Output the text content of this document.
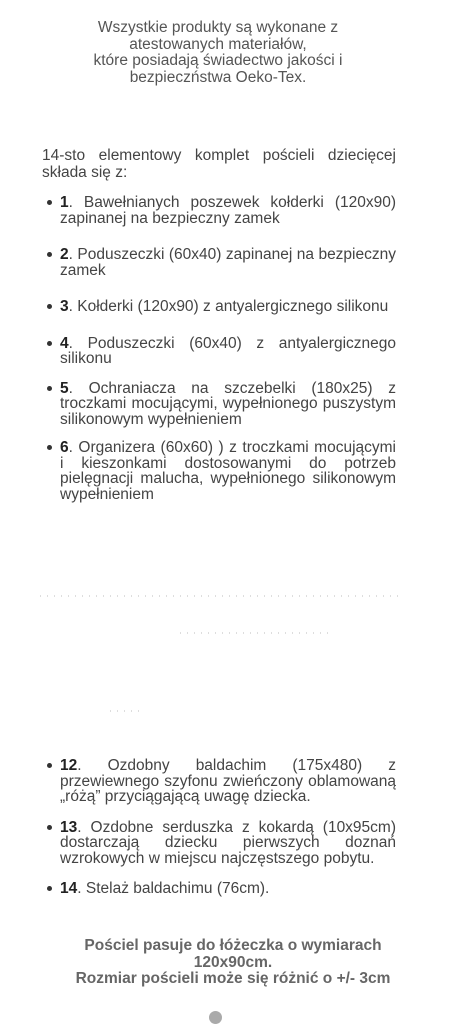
Wszystkie produkty są wykonane z
atestowanych materiałów,
które posiadają świadectwo jakości i
bezpieczństwa Oeko-Tex.
14-sto elementowy komplet pościeli dziecięcej składa się z:
1. Bawełnianych poszewek kołderki (120x90) zapinanej na bezpieczny zamek
2. Poduszeczki (60x40) zapinanej na bezpieczny zamek
3. Kołderki (120x90) z antyalergicznego silikonu
4. Poduszeczki (60x40) z antyalergicznego silikonu
5. Ochraniacza na szczebelki (180x25) z troczkami mocującymi, wypełnionego puszystym silikonowym wypełnieniem
6. Organizera (60x60) ) z troczkami mocującymi i kieszonkami dostosowanymi do potrzeb pielęgnacji malucha, wypełnionego silikonowym wypełnieniem
12. Ozdobny baldachim (175x480) z przewiewnego szyfonu zwieńczony oblamowaną „różą” przyciągającą uwagę dziecka.
13. Ozdobne serduszka z kokardą (10x95cm) dostarczają dziecku pierwszych doznań wzrokowych w miejscu najczęstszego pobytu.
14. Stelaż baldachimu (76cm).
Pościel pasuje do łóżeczka o wymiarach
120x90cm.
Rozmiar pościeli może się różnić o +/- 3cm
